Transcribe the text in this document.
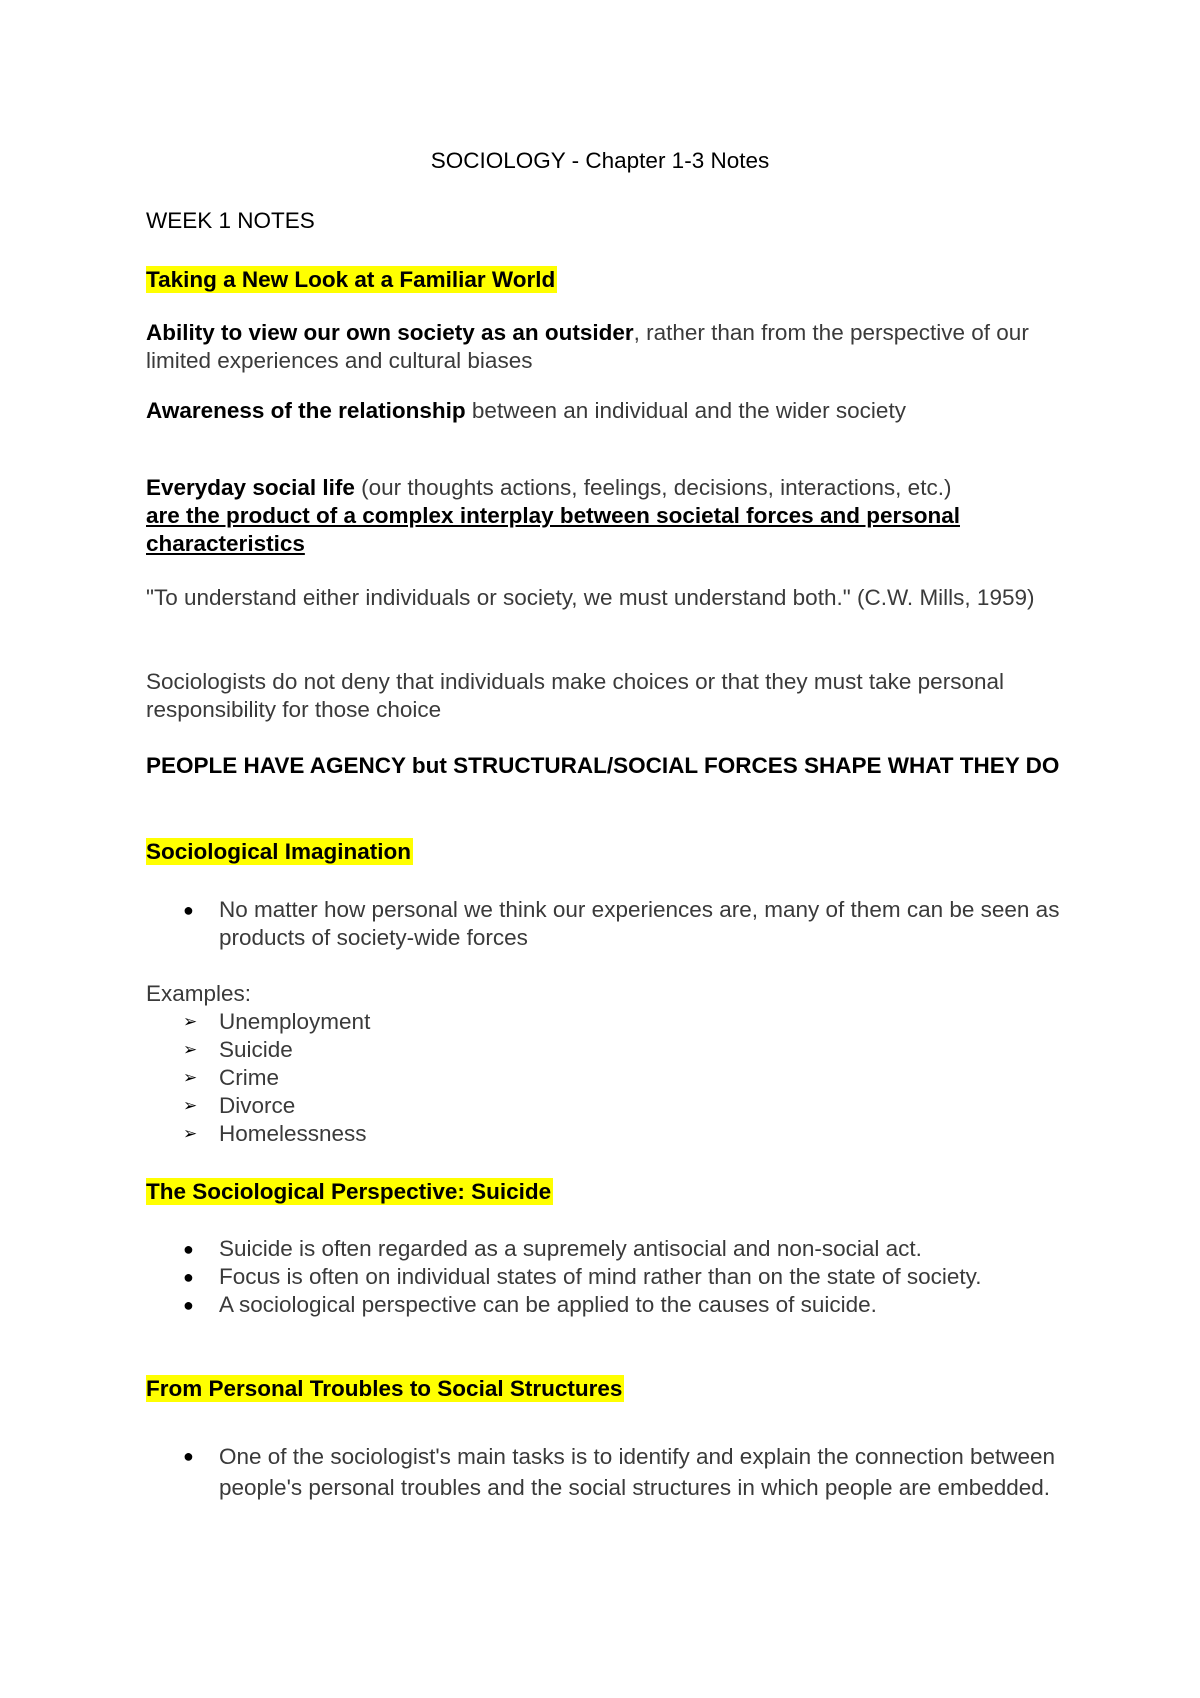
SOCIOLOGY - Chapter 1-3 Notes

WEEK 1 NOTES

Taking a New Look at a Familiar World

Ability to view our own society as an outsider, rather than from the perspective of our limited experiences and cultural biases

Awareness of the relationship between an individual and the wider society

Everyday social life (our thoughts actions, feelings, decisions, interactions, etc.)
are the product of a complex interplay between societal forces and personal characteristics

"To understand either individuals or society, we must understand both." (C.W. Mills, 1959)

Sociologists do not deny that individuals make choices or that they must take personal responsibility for those choice

PEOPLE HAVE AGENCY but STRUCTURAL/SOCIAL FORCES SHAPE WHAT THEY DO

Sociological Imagination

● No matter how personal we think our experiences are, many of them can be seen as products of society-wide forces

Examples:

➢ Unemployment
➢ Suicide
➢ Crime
➢ Divorce
➢ Homelessness

The Sociological Perspective: Suicide

● Suicide is often regarded as a supremely antisocial and non-social act.
● Focus is often on individual states of mind rather than on the state of society.
● A sociological perspective can be applied to the causes of suicide.

From Personal Troubles to Social Structures

● One of the sociologist's main tasks is to identify and explain the connection between people's personal troubles and the social structures in which people are embedded.
